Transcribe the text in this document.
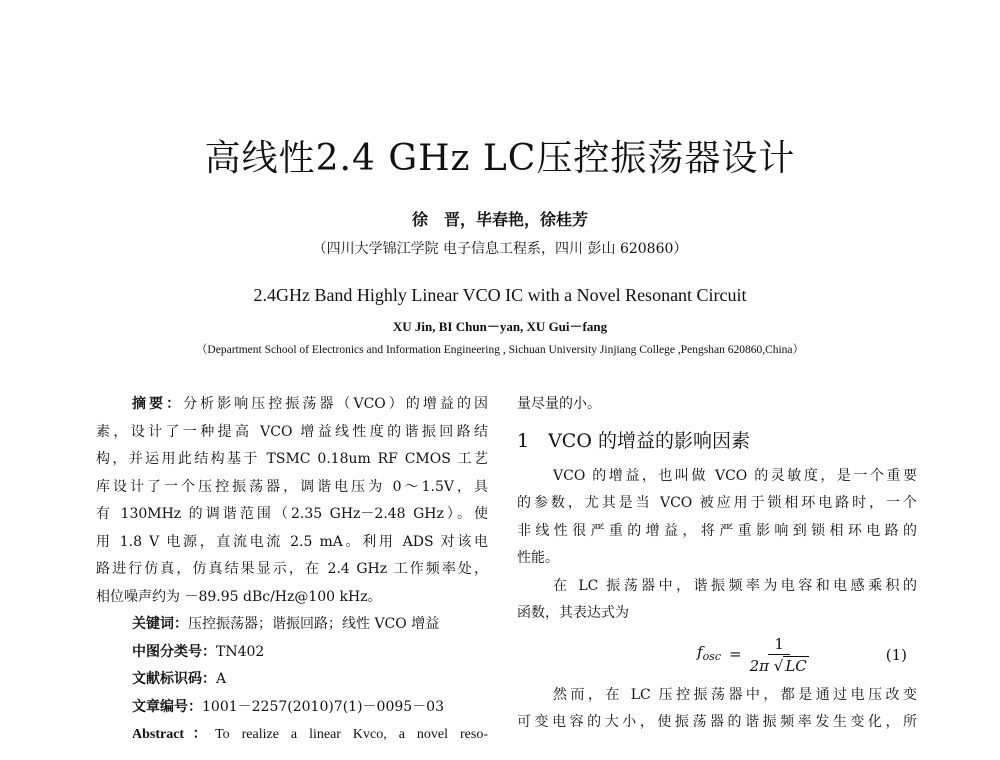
高线性2.4 GHz LC压控振荡器设计
徐　晋，毕春艳，徐桂芳
（四川大学锦江学院 电子信息工程系，四川 彭山 620860）
2.4GHz Band Highly Linear VCO IC with a Novel Resonant Circuit
XU Jin, BI Chun－yan, XU Gui－fang
（Department School of Electronics and Information Engineering , Sichuan University Jinjiang College ,Pengshan 620860,China）
摘要：分析影响压控振荡器（VCO）的增益的因
素，设计了一种提高 VCO 增益线性度的谐振回路结
构，并运用此结构基于 TSMC 0.18um RF CMOS 工艺
库设计了一个压控振荡器，调谐电压为 0～1.5V，具
有 130MHz 的调谐范围（2.35 GHz－2.48 GHz）。使
用 1.8 V 电源，直流电流 2.5 mA。利用 ADS 对该电
路进行仿真，仿真结果显示，在 2.4 GHz 工作频率处，
相位噪声约为 －89.95 dBc/Hz@100 kHz。
关键词：压控振荡器；谐振回路；线性 VCO 增益
中图分类号：TN402
文献标识码：A
文章编号：1001－2257(2010)7(1)－0095－03
Abstract：To realize a linear Kvco, a novel reso-
量尽量的小。
1　VCO 的增益的影响因素
VCO 的增益，也叫做 VCO 的灵敏度，是一个重要
的参数，尤其是当 VCO 被应用于锁相环电路时，一个
非线性很严重的增益，将严重影响到锁相环电路的
性能。
在 LC 振荡器中，谐振频率为电容和电感乘积的
函数，其表达式为
$f_{osc} = \frac{1}{2\pi √ LC}$	(1)
然而，在 LC 压控振荡器中，都是通过电压改变
可变电容的大小，使振荡器的谐振频率发生变化，所
